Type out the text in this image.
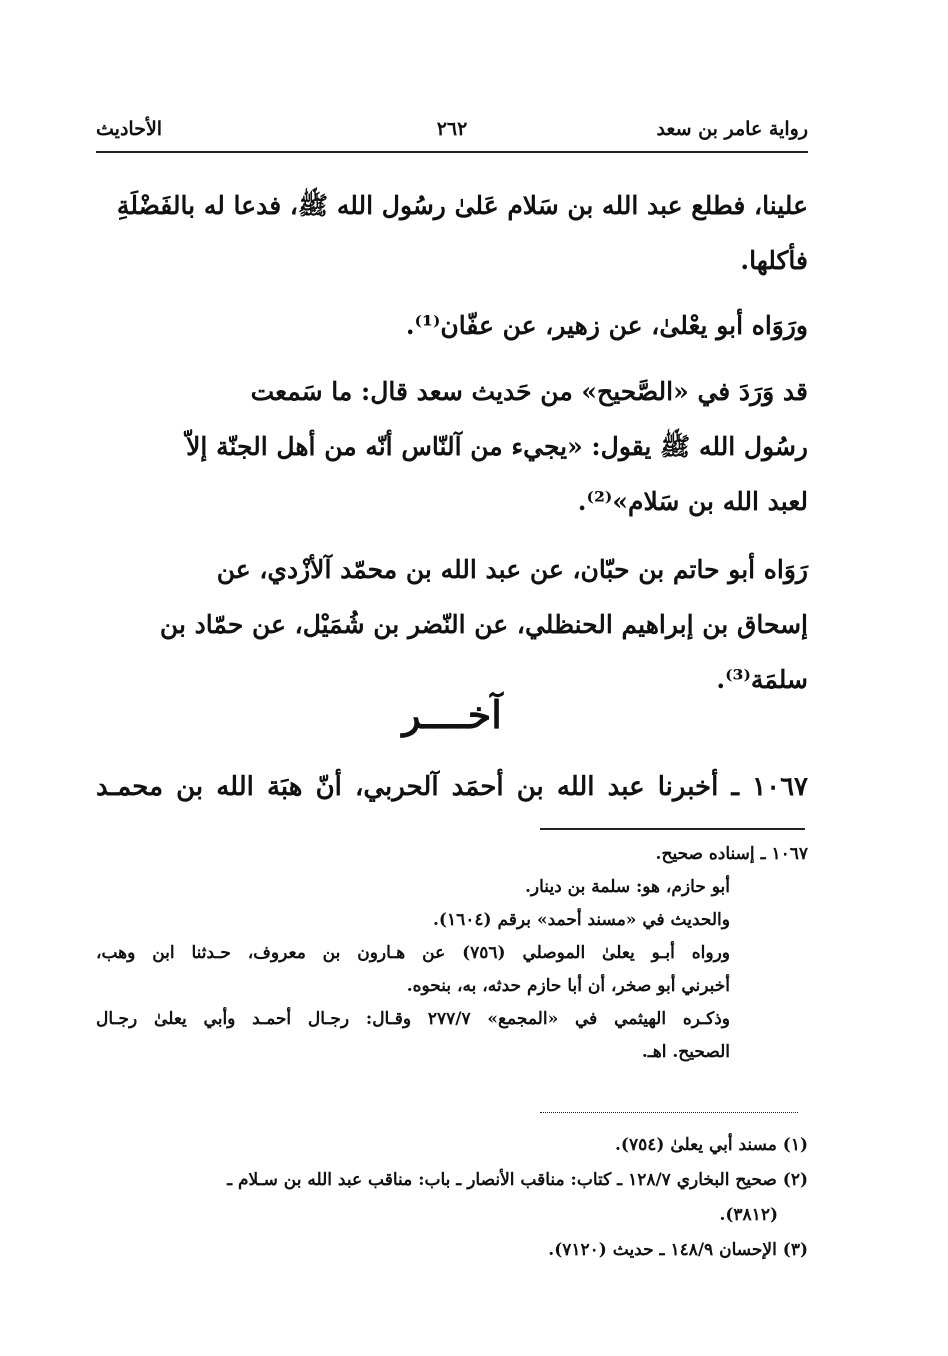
رواية عامر بن سعد
٢٦٢
الأحاديث
علينا، فطلع عبد الله بن سَلام عَلىٰ رسُول الله ﷺ، فدعا له بالفَضْلَةِ
فأكلها.
ورَوَاه أبو يعْلىٰ، عن زهير، عن عفّان⁽¹⁾.
قد وَرَدَ في «الصَّحيح» من حَديث سعد قال: ما سَمعت
رسُول الله ﷺ يقول: «يجيء من آلنّاس أنّه من أهل الجنّة إلاّ
لعبد الله بن سَلام»⁽²⁾.
رَوَاه أبو حاتم بن حبّان، عن عبد الله بن محمّد آلأزْدي، عن
إسحاق بن إبراهيم الحنظلي، عن النّضر بن شُمَيْل، عن حمّاد بن
سلمَة⁽³⁾.
آخــــر
١٠٦٧ ـ أخبرنا عبد الله بن أحمَد آلحربي، أنّ هبَة الله بن محمـد
١٠٦٧ ـ إسناده صحيح.
أبو حازم، هو: سلمة بن دينار.
والحديث في «مسند أحمد» برقم (١٦٠٤).
ورواه أبـو يعلىٰ الموصلي (٧٥٦) عن هـارون بن معروف، حـدثنا ابن وهب،
أخبرني أبو صخر، أن أبا حازم حدثه، به، بنحوه.
وذكـره الهيثمي في «المجمع» ٢٧٧/٧ وقـال: رجـال أحمـد وأبي يعلىٰ رجـال
الصحيح. اهـ.
(١) مسند أبي يعلىٰ (٧٥٤).
(٢) صحيح البخاري ١٢٨/٧ ـ كتاب: مناقب الأنصار ـ باب: مناقب عبد الله بن سـلام ـ
(٣٨١٢).
(٣) الإحسان ١٤٨/٩ ـ حديث (٧١٢٠).
